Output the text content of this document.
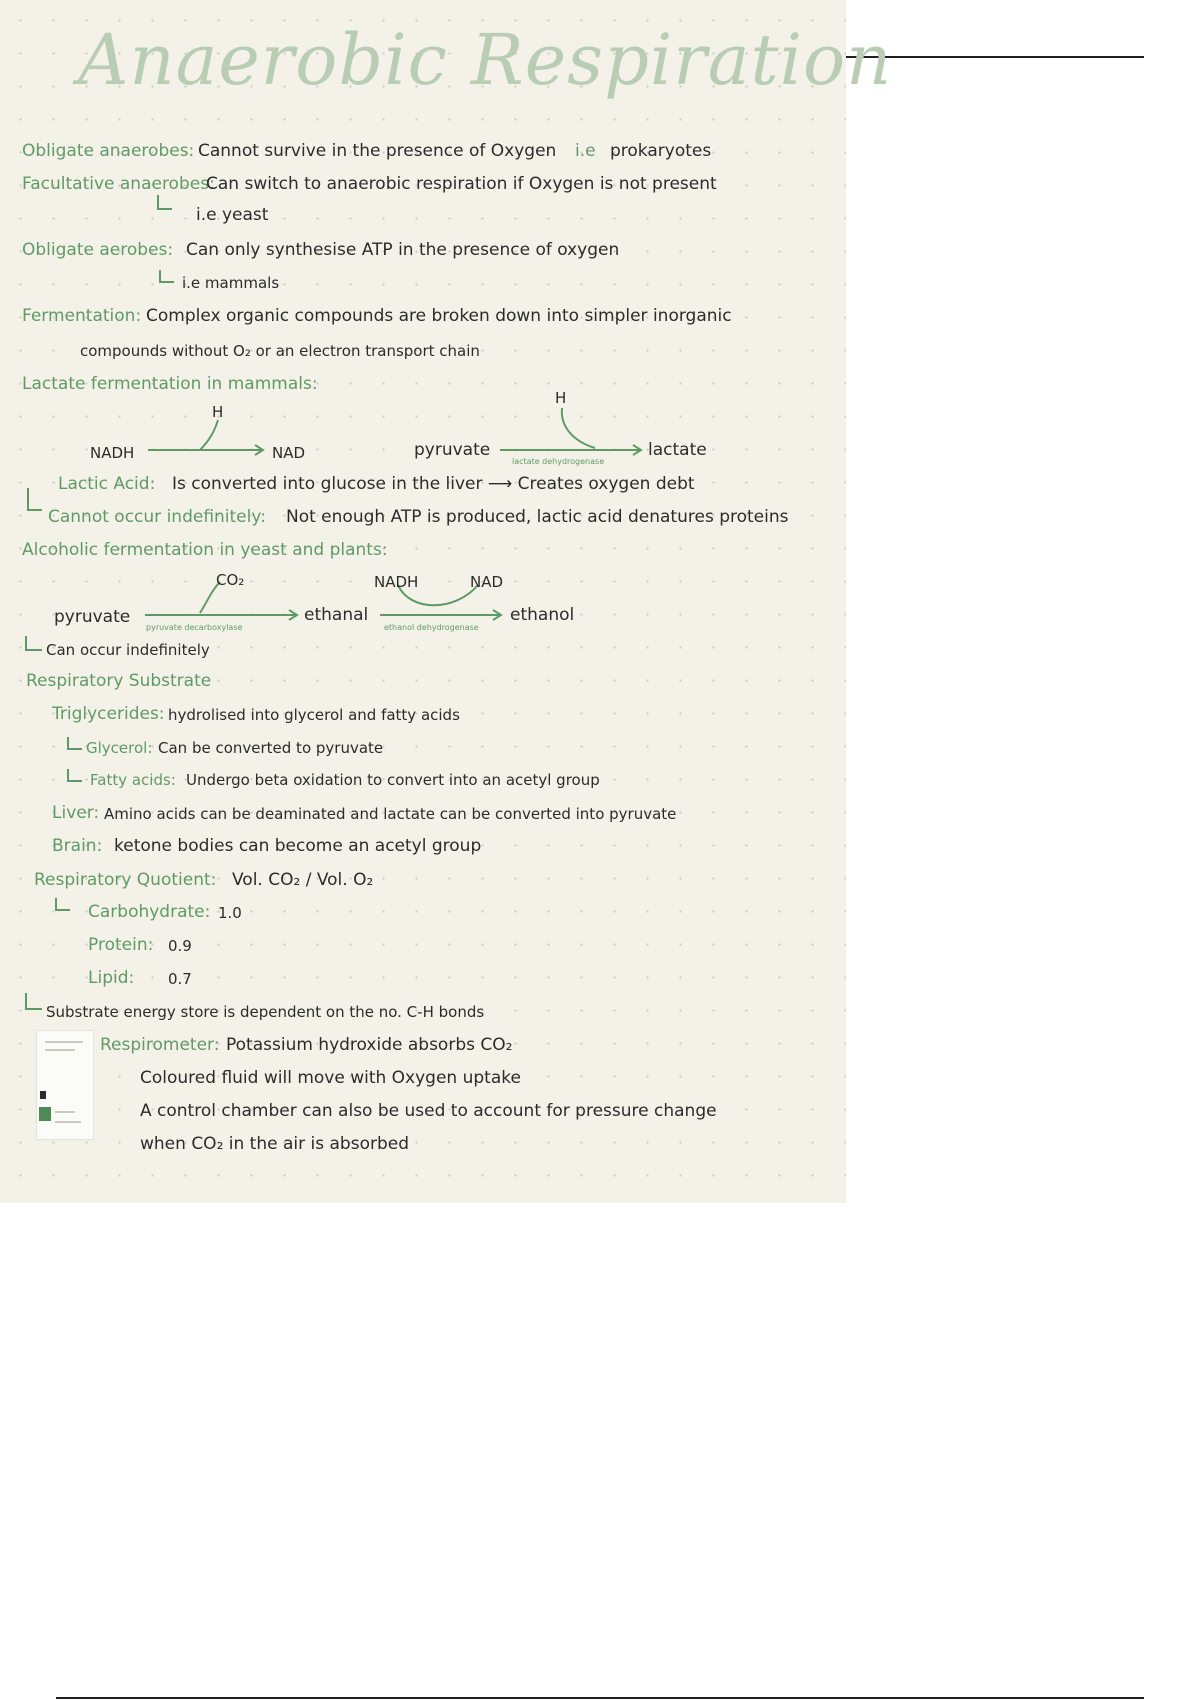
Anaerobic Respiration
Obligate anaerobes: Cannot survive in the presence of Oxygen i.e prokaryotes
Facultative anaerobes:
Can switch to anaerobic respiration if Oxygen is not present
i.e yeast
Obligate aerobes: Can only synthesise ATP in the presence of oxygen
i.e mammals
Fermentation: Complex organic compounds are broken down into simpler inorganic
compounds without O₂ or an electron transport chain
Lactate fermentation in mammals:
H
NADH	NAD
H
pyruvate
lactate dehydrogenase
lactate
Lactic Acid: Is converted into glucose in the liver ⟶ Creates oxygen debt
Cannot occur indefinitely: Not enough ATP is produced, lactic acid denatures proteins
Alcoholic fermentation in yeast and plants:
CO₂	NADH	NAD
pyruvate
pyruvate decarboxylase
ethanal
ethanol dehydrogenase
ethanol
Can occur indefinitely
Respiratory Substrate
Triglycerides: hydrolised into glycerol and fatty acids
Glycerol: Can be converted to pyruvate
Fatty acids: Undergo beta oxidation to convert into an acetyl group
Liver: Amino acids can be deaminated and lactate can be converted into pyruvate
Brain: ketone bodies can become an acetyl group
Respiratory Quotient: Vol. CO₂ / Vol. O₂
Carbohydrate: 1.0
Protein: 0.9
Lipid: 0.7
Substrate energy store is dependent on the no. C-H bonds
Respirometer: Potassium hydroxide absorbs CO₂
Coloured fluid will move with Oxygen uptake
A control chamber can also be used to account for pressure change
when CO₂ in the air is absorbed
